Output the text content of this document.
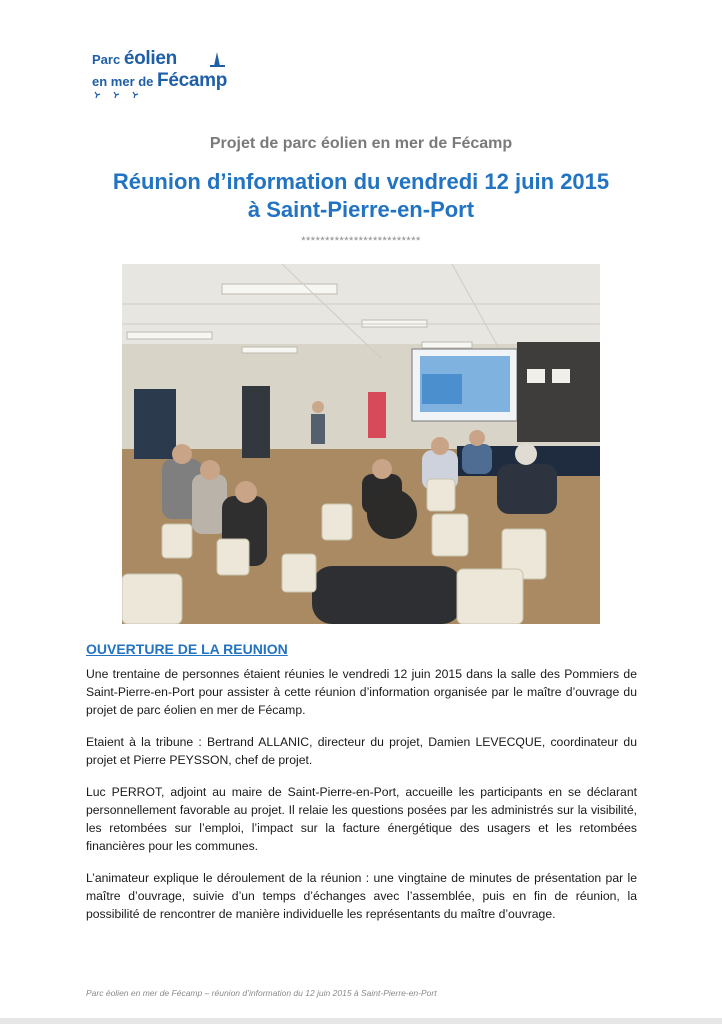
Parc éolien
en mer de Fécamp
Projet de parc éolien en mer de Fécamp
Réunion d’information du vendredi 12 juin 2015
à Saint-Pierre-en-Port
*************************
OUVERTURE DE LA REUNION

Une trentaine de personnes étaient réunies le vendredi 12 juin 2015 dans la salle des Pommiers de Saint-Pierre-en-Port pour assister à cette réunion d’information organisée par le maître d’ouvrage du projet de parc éolien en mer de Fécamp.

Etaient à la tribune : Bertrand ALLANIC, directeur du projet, Damien LEVECQUE, coordinateur du projet et Pierre PEYSSON, chef de projet.

Luc PERROT, adjoint au maire de Saint-Pierre-en-Port, accueille les participants en se déclarant personnellement favorable au projet. Il relaie les questions posées par les administrés sur la visibilité, les retombées sur l’emploi, l’impact sur la facture énergétique des usagers et les retombées financières pour les communes.

L’animateur explique le déroulement de la réunion : une vingtaine de minutes de présentation par le maître d’ouvrage, suivie d’un temps d’échanges avec l’assemblée, puis en fin de réunion, la possibilité de rencontrer de manière individuelle les représentants du maître d’ouvrage.

Parc éolien en mer de Fécamp – réunion d’information du 12 juin 2015 à Saint-Pierre-en-Port
